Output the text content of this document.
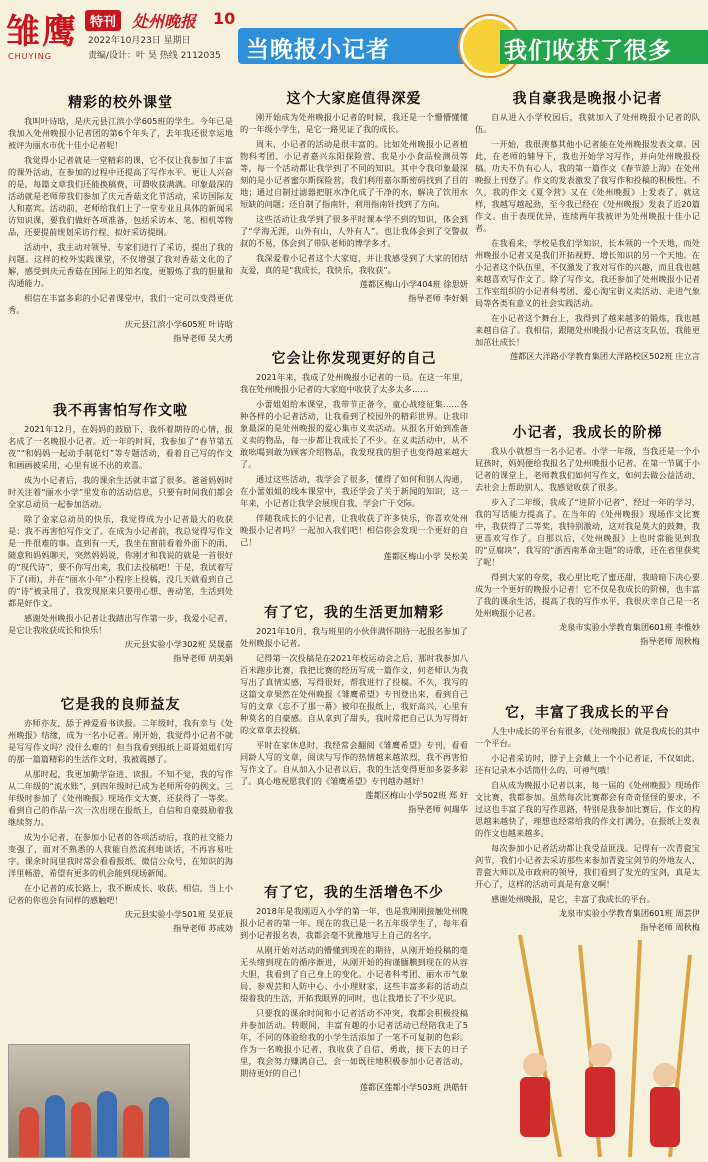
雏鹰
CHUYING
特刊 处州晚报 10
2022年10月23日 星期日
责编/设计：叶 昊 热线 2112035 当晚报小记者	我们收获了很多
精彩的校外课堂

我叫叶诗晗，是庆元县江滨小学605班的学生。今年已是我加入处州晚报小记者团的第6个年头了，去年我还很幸运地被评为丽水市优十佳小记者呢！

我觉得小记者就是一堂精彩的课，它不仅让我参加了丰富的课外活动，在参加的过程中还提高了写作水平。更让人兴奋的是，每篇文章我们还能换稿费，可谓收获满满。印象最深的活动就是老师带我们参加了庆元香菇文化节活动，采访国际友人和嘉宾。活动前，老师给我们上了一堂专业且具体的新闻采访知识课，要我们做好各项准备，包括采访本、笔、相机等物品，还要提前规划采访行程、拟好采访提纲。

活动中，我主动对领导、专家们进行了采访，提出了我的问题。这样的校外实践课堂，不仅增强了我对香菇文化的了解，感受到庆元香菇在国际上的知名度，更锻炼了我的胆量和沟通能力。

相信在丰富多彩的小记者课堂中，我们一定可以变得更优秀。

庆元县江滨小学605班 叶诗晗
指导老师 吴大勇
我不再害怕写作文啦

2021年12月，在妈妈的鼓励下，我怀着期待的心情，报名成了一名晚报小记者。近一年的时间，我参加了“春节第五夜”“和妈妈一起动手制花灯”等专题活动，看着自己写的作文和画画被采用，心里有说不出的欢喜。

成为小记者后，我的课余生活就丰富了很多。爸爸妈妈时时关注着“丽水小学”里发布的活动信息，只要有时间我们都会全家总动员一起参加活动。

除了金家总动员的快乐，我觉得成为小记者最大的收获是：我不再害怕写作文了。在成为小记者前，我总觉得写作文是一件很难的事。直到有一天，我坐在窗前看着外面下的雨，随意和妈妈聊天，突然妈妈说，你刚才和我说的就是一首很好的“现代诗”，要不你写出来，我们去投稿吧！于是，我试着写下了(雨)，并在“丽水小年”小程序上投稿，没几天就看到自己的“诗”被录用了，我发现原来只要用心想、善动笔，生活到处都是好作文。

感谢处州晚报小记者让我踏出写作第一步，我爱小记者，是它让我收获成长和快乐！

庆元县实验小学302班 吴晟嘉
指导老师 胡美娟
它是我的良师益友

亦师亦友，舔于神爱看书读报。二年级时，我有幸与《处州晚报》结缘，成为一名小记者。刚开始，我觉得小记者不就是写写作文吗？没什么难的！但当我看到报纸上哥哥姐姐们写的那一篇篇精彩的生活作文时，我被震撼了。

从那时起，我更加勤学奋进、读报。不知不觉，我的写作从二年级的“流水账”，到四年级时已成为老师所夸的例文。三年级时参加了《处州晚报》现场作文大赛，还获得了一等奖。看到自己的作品一次一次出现在报纸上，自信和自豪鼓励着我继续努力。

成为小记者，在参加小记者的各项活动后，我的社交能力变强了，面对不熟悉的人我能自然流利地谈话，不再容易吐字。课余时间里我时常会看看报纸、微信公众号，在知识的海洋里畅游，希望有更多的机会能到现场新闻。

在小记者的成长路上，我不断成长、收获，相信，当上小记者的你也会有同样的感触吧！

庆元县实验小学501班 吴亚辰
指导老师 苏成効
这个大家庭值得深爱

刚开始成为处州晚报小记者的时候，我还是一个懵懵懂懂的一年级小学生，是它一路见证了我的成长。

周末，小记者的活动是很丰富的。比如处州晚报小记者植物科考团、小记者嘉兴东阳探险营、我是小小食品检测员等等，每一个活动都让我学到了不同的知识。其中令我印象最深刻的是小记者蜜尔斯探险营，我们利用嘉尔斯密码找到了目的地；通过自制过滤器把脏水净化成了干净的水，解决了饮用水短缺的问题；还自制了指南针，利用指南针找到了方向。

这些活动让我学到了很多平时课本学不到的知识，体会到了“学海无涯，山外有山，人外有人”。也让我体会到了交警叔叔的不易，体会到了带队老师的博学多才。

我深爱着小记者这个大家庭，并让我感受到了大家的团结友爱，真的是“我成长，我快乐，我收获”。

莲都区梅山小学404班 徐思妍
指导老师 李好娟
它会让你发现更好的自己

2021年来，我成了处州晚报小记者的一员。在这一年里，我在处州晚报小记者的大家庭中收获了太多太多……

小蕾姐姐给本课堂，我带节正备今，童心战疫征集……各种各样的小记者活动，让我看到了校园外的精彩世界。让我印象最深的是处州晚报的爱心集市义卖活动。从报名开始到准备义卖的物品，每一步都让我成长了不少。在义卖活动中，从不敢吆喝到敢为顾客介绍物品，我发现我的胆子也变得越来越大了。

通过这些活动，我学会了很多，懂得了如何和别人沟通，在小蕾姐姐的线本课堂中，我还学会了关于新闻的知识，这一年来，小记者让我学会展现自我，学会广于交际。

伴随我成长的小记者，让我收获了许多快乐，你喜欢处州晚报小记者吗？一起加入我们吧！相信你会发现一个更好的自己！

莲都区梅山小学 吴松美
有了它，我的生活更加精彩

2021年10月，我与班里的小伙伴满怀期待一起报名参加了处州晚报小记者。

记得第一次投稿是在2021年校运动会之后，那时我参加八百米跑步比赛，我把比赛的经历写成一篇作文，何老师认为我写出了真情实感，写得很好，帮我进行了投稿。不久，我写的这篇文章果然在处州晚报《雏鹰希望》专刊登出来，看到自己写的文章《忘不了那一幕》被印在报纸上，我好高兴，心里有种莫名的自豪感。自从拿到了甜头，我时常把自己认为写得好的文章拿去投稿。

平时在家休息时，我经常会翻阅《雏鹰希望》专刊，看看同龄人写的文章，阅读与写作的热情越来越浓烈，我不再害怕写作文了。自从加入小记者以后，我的生活变得更加多姿多彩了。真心地祝愿我们的《雏鹰希望》专刊越办越好！

莲都区梅山小学502班 郑 好
指导老师 何瑞华
有了它，我的生活增色不少

2018年是我刚迈入小学的第一年，也是我刚刚接触处州晚报小记者的第一年。现在的我已是一名五年级学生了，每年看到小记者报名表，我都会毫不犹豫地写上自己的名字。

从刚开始对活动的懵懂到现在的期待，从刚开始投稿的毫无头绪到现在的循序渐进，从刚开始的拘谨腼腆到现在的从容大胆，我看到了自己身上的变化。小记者科考团、丽水市气象局、参观芸和人防中心、小小理财家，这些丰富多彩的活动点缀着我的生活，开拓我眼界的同时，也让我增长了不少见识。

只要我的课余时间和小记者活动不冲突，我都会积极投稿并参加活动。转眼间，丰富有趣的小记者活动已经陪我走了5年，不同的体验给我的小学生活添加了一笔不可复制的色彩。作为一名晚报小记者，我收获了自信、勇敢，接下去的日子里，我会努力赚满自己，会一如既往地积极参加小记者活动，期待更好的自己！

莲都区莲都小学503班 洪皓轩
我自豪我是晚报小记者

自从进入小学校园后，我就加入了处州晚报小记者的队伍。

一开始，我很羡慕其他小记者能在处州晚报发表文章。因此，在老师的辅导下，我也开始学习写作，并向处州晚报投稿。功夫不负有心人，我的第一篇作文《春节游上海》在处州晚报上刊登了。作文的发表激发了我写作和投稿的积极性。不久，我的作文《夏令营》又在《处州晚报》上发表了。就这样，我越写越起劲，至今我已经在《处州晚报》发表了近20篇作文。由于表现优异，连续两年我被评为处州晚报十佳小记者。

在我看来，学校是我们学知识、长本领的一个天地，而处州晚报小记者又是我们开拓视野、增长知识的另一个天地。在小记者这个队伍里，不仅激发了我对写作的兴趣，而且我也越来越喜欢写作文了。除了写作文，我还参加了处州晚报小记者工作室组织的小记者科考团、爱心淘宝街义卖活动、走进气象局等各类有意义的社会实践活动。

在小记者这个舞台上，我得到了越来越多的锻炼，我也越来越自信了。我相信，跟随处州晚报小记者这支队伍，我能更加茁壮成长！

莲都区大洋路小学教育集团大洋路校区502班 庄立言
小记者，我成长的阶梯

我从小就想当一名小记者。小学一年级，当我还是一个小屁孩时，妈妈便给我报名了处州晚报小记者。在第一节属于小记者的课堂上，老师教我们如何写作文，如何去做公益活动、去社会上帮助别人，我感觉收获了很多。

步入了二年级，我成了“进阶小记者”，经过一年的学习，我的写话能力提高了。在当年的《处州晚报》现场作文比赛中，我获得了二等奖，我特别激动，这对我是莫大的鼓舞，我更喜欢写作了。自那以后，《处州晚报》上也时常能见到我的“豆腐块”，我写的“浙西南革命主题”的诗歌，还在省里获奖了呢！

得到大家的夸奖，我心里比吃了蜜还甜，我暗暗下决心要成为一个更好的晚报小记者！它不仅是我成长的阶梯，也丰富了我的课余生活，提高了我的写作水平，我很庆幸自己是一名处州晚报小记者。

龙泉市实验小学教育集团601班 李惟妙
指导老师 周秋梅
它，丰富了我成长的平台

人生中成长的平台有很多，《处州晚报》就是我成长的其中一个平台。

小记者采访时，脖子上会戴上一个小记者证，不仅如此，还有记录本小话筒什么的，可神气哦！

自从成为晚报小记者以来，每一届的《处州晚报》现场作文比赛，我都参加。虽然每次比赛都会有奇奇怪怪的要求，不过这也丰富了我的写作思路，特别是我参加比赛后，作文的构思越来越快了，理想也经常给我的作文打满分，在报纸上发表的作文也越来越多。

每次参加小记者活动都让我受益匪浅。记得有一次青瓷宝剑节，我们小记者去采访那些来参加青瓷宝剑节的外地友人、青瓷大师以及市政府的领导，我们看到了发光的宝剑，真是太开心了，这样的活动可真是有意义啊！

感谢处州晚报，是它，丰富了我成长的平台。

龙泉市实验小学教育集团601班 周芸伊
指导老师 周秋梅
